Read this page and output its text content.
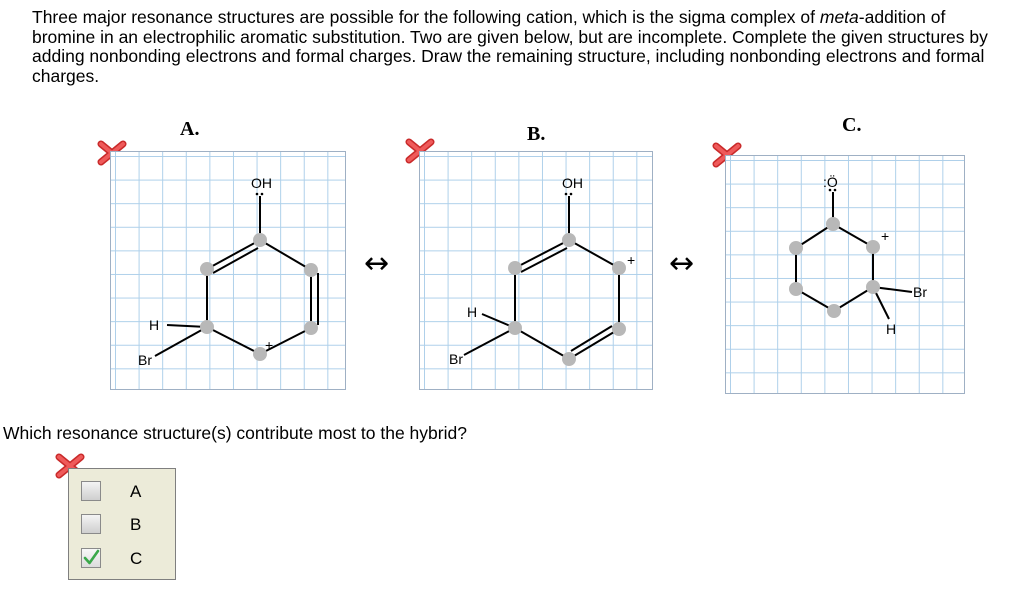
Three major resonance structures are possible for the following cation, which is the sigma complex of meta-addition of bromine in an electrophilic aromatic substitution. Two are given below, but are incomplete. Complete the given structures by adding nonbonding electrons and formal charges. Draw the remaining structure, including nonbonding electrons and formal charges.
A.	B.	C.
OH
H
Br
+
↔
OH
H
Br
+ ↔
:Ö
H
Br
+
Which resonance structure(s) contribute most to the hybrid?
A
B
C
